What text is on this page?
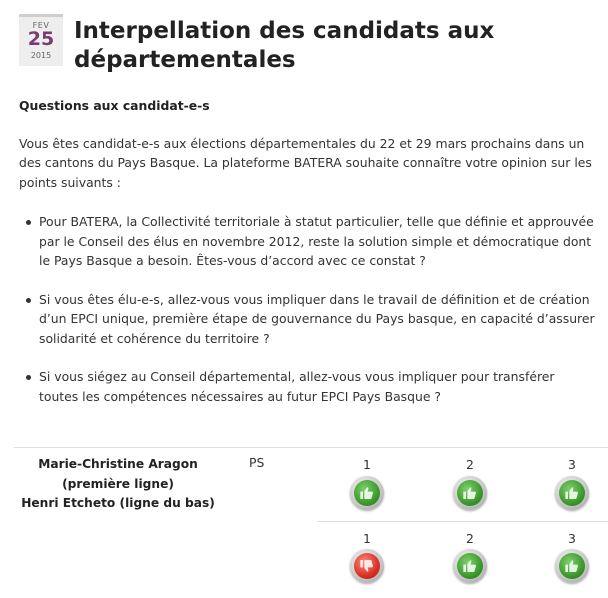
FEV
25
2015
Interpellation des candidats aux départementales
Questions aux candidat-e-s

Vous êtes candidat-e-s aux élections départementales du 22 et 29 mars prochains dans un des cantons du Pays Basque. La plateforme BATERA souhaite connaître votre opinion sur les points suivants :

Pour BATERA, la Collectivité territoriale à statut particulier, telle que définie et approuvée par le Conseil des élus en novembre 2012, reste la solution simple et démocratique dont le Pays Basque a besoin. Êtes-vous d’accord avec ce constat ?
Si vous êtes élu-e-s, allez-vous vous impliquer dans le travail de définition et de création d’un EPCI unique, première étape de gouvernance du Pays basque, en capacité d’assurer solidarité et cohérence du territoire ?
Si vous siégez au Conseil départemental, allez-vous vous impliquer pour transférer toutes les compétences nécessaires au futur EPCI Pays Basque ?
Marie-Christine Aragon
(première ligne)
Henri Etcheto (ligne du bas)
PS	1	2	3
1	2	3
